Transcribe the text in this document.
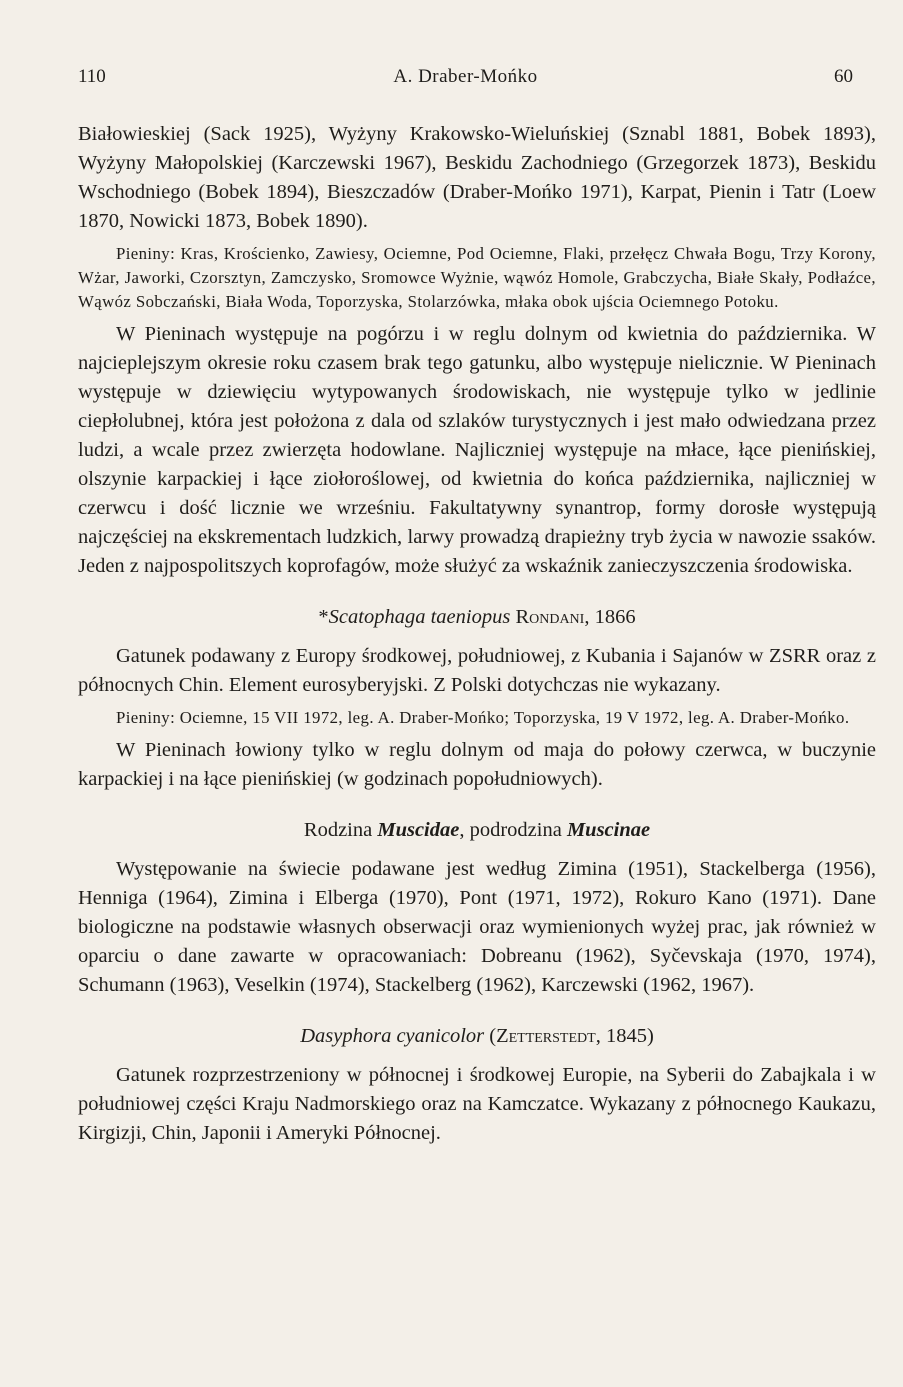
110	A. Draber-Mońko	60

Białowieskiej (Sack 1925), Wyżyny Krakowsko-Wieluńskiej (Sznabl 1881, Bobek 1893), Wyżyny Małopolskiej (Karczewski 1967), Beskidu Zachodniego (Grzegorzek 1873), Beskidu Wschodniego (Bobek 1894), Bieszczadów (Draber-Mońko 1971), Karpat, Pienin i Tatr (Loew 1870, Nowicki 1873, Bobek 1890).

Pieniny: Kras, Krościenko, Zawiesy, Ociemne, Pod Ociemne, Flaki, przełęcz Chwała Bogu, Trzy Korony, Wżar, Jaworki, Czorsztyn, Zamczysko, Sromowce Wyżnie, wąwóz Homole, Grabczycha, Białe Skały, Podłaźce, Wąwóz Sobczański, Biała Woda, Toporzyska, Stolarzówka, młaka obok ujścia Ociemnego Potoku.

W Pieninach występuje na pogórzu i w reglu dolnym od kwietnia do października. W najcieplejszym okresie roku czasem brak tego gatunku, albo występuje nielicznie. W Pieninach występuje w dziewięciu wytypowanych środowiskach, nie występuje tylko w jedlinie ciepłolubnej, która jest położona z dala od szlaków turystycznych i jest mało odwiedzana przez ludzi, a wcale przez zwierzęta hodowlane. Najliczniej występuje na młace, łące pienińskiej, olszynie karpackiej i łące ziołoroślowej, od kwietnia do końca października, najliczniej w czerwcu i dość licznie we wrześniu. Fakultatywny synantrop, formy dorosłe występują najczęściej na ekskrementach ludzkich, larwy prowadzą drapieżny tryb życia w nawozie ssaków. Jeden z najpospolitszych koprofagów, może służyć za wskaźnik zanieczyszczenia środowiska.

*Scatophaga taeniopus Rondani, 1866

Gatunek podawany z Europy środkowej, południowej, z Kubania i Sajanów w ZSRR oraz z północnych Chin. Element eurosyberyjski. Z Polski dotychczas nie wykazany.

Pieniny: Ociemne, 15 VII 1972, leg. A. Draber-Mońko; Toporzyska, 19 V 1972, leg. A. Draber-Mońko.

W Pieninach łowiony tylko w reglu dolnym od maja do połowy czerwca, w buczynie karpackiej i na łące pienińskiej (w godzinach popołudniowych).

Rodzina Muscidae, podrodzina Muscinae

Występowanie na świecie podawane jest według Zimina (1951), Stackelberga (1956), Henniga (1964), Zimina i Elberga (1970), Pont (1971, 1972), Rokuro Kano (1971). Dane biologiczne na podstawie własnych obserwacji oraz wymienionych wyżej prac, jak również w oparciu o dane zawarte w opracowaniach: Dobreanu (1962), Syčevskaja (1970, 1974), Schumann (1963), Veselkin (1974), Stackelberg (1962), Karczewski (1962, 1967).

Dasyphora cyanicolor (Zetterstedt, 1845)

Gatunek rozprzestrzeniony w północnej i środkowej Europie, na Syberii do Zabajkala i w południowej części Kraju Nadmorskiego oraz na Kamczatce. Wykazany z północnego Kaukazu, Kirgizji, Chin, Japonii i Ameryki Północnej.
